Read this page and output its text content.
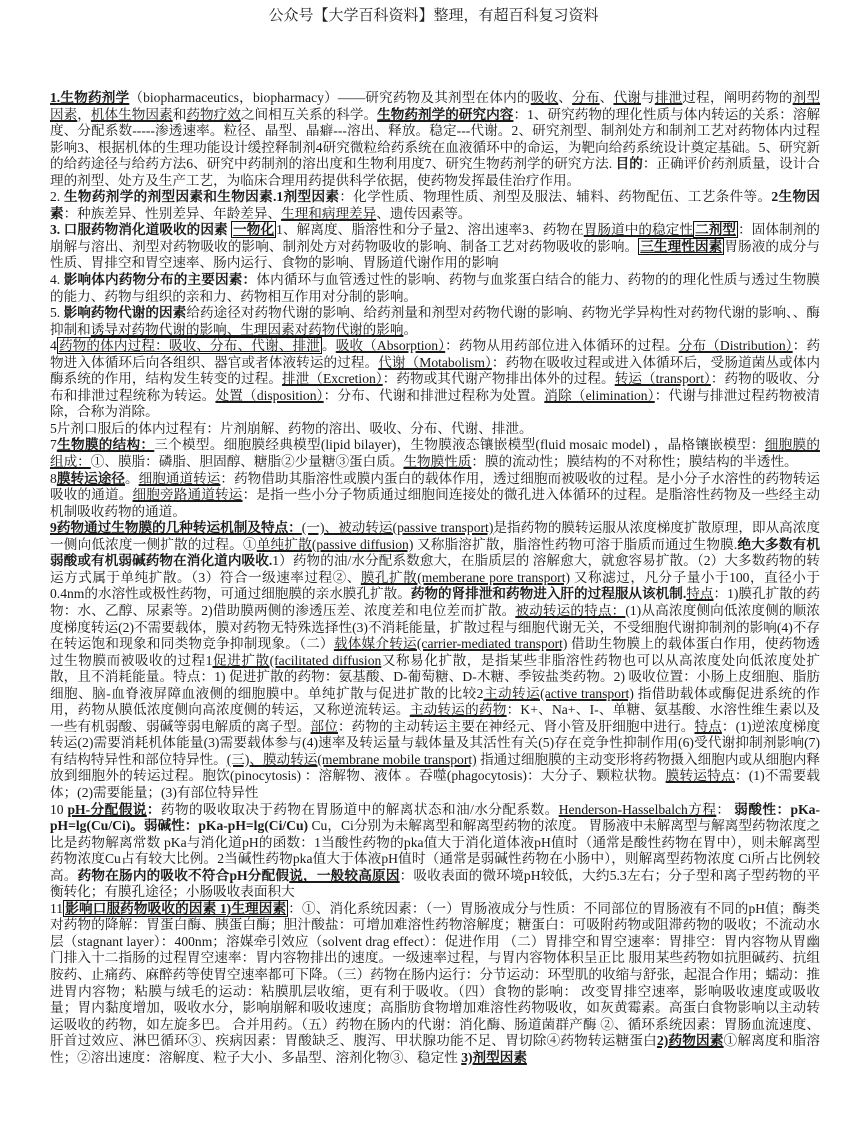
公众号【大学百科资料】整理，有超百科复习资料

1.生物药剂学（biopharmaceutics，biopharmacy）——研究药物及其剂型在体内的吸收、分布、代谢与排泄过程，阐明药物的剂型因素，机体生物因素和药物疗效之间相互关系的科学。生物药剂学的研究内容：1、研究药物的理化性质与体内转运的关系：溶解度、分配系数-----渗透速率。粒径、晶型、晶癖---溶出、释放。稳定---代谢。2、研究剂型、制剂处方和制剂工艺对药物体内过程影响3、根据机体的生理功能设计缓控释制剂4研究微粒给药系统在血液循环中的命运，为靶向给药系统设计奠定基础。5、研究新的给药途径与给药方法6、研究中药制剂的溶出度和生物利用度7、研究生物药剂学的研究方法. 目的：正确评价药剂质量，设计合理的剂型、处方及生产工艺，为临床合理用药提供科学依据，使药物发挥最佳治疗作用。

2. 生物药剂学的剂型因素和生物因素.1剂型因素：化学性质、物理性质、剂型及服法、辅料、药物配伍、工艺条件等。2生物因素：种族差异、性别差异、年龄差异、生理和病理差异、遗传因素等。

3. 口服药物消化道吸收的因素 一物化 1、解离度、脂溶性和分子量2、溶出速率3、药物在胃肠道中的稳定性 二剂型 ：固体制剂的崩解与溶出、剂型对药物吸收的影响、制剂处方对药物吸收的影响、制备工艺对药物吸收的影响。 三生理性因素 胃肠液的成分与性质、胃排空和胃空速率、肠内运行、食物的影响、胃肠道代谢作用的影响

4. 影响体内药物分布的主要因素：体内循环与血管透过性的影响、药物与血浆蛋白结合的能力、药物的的理化性质与透过生物膜的能力、药物与组织的亲和力、药物相互作用对分制的影响。

5. 影响药物代谢的因素给药途径对药物代谢的影响、给药剂量和剂型对药物代谢的影响、药物光学异构性对药物代谢的影响、、酶抑制和诱导对药物代谢的影响、生理因素对药物代谢的影响。

4 药物的体内过程：吸收、分布、代谢、排泄 。吸收（Absorption）：药物从用药部位进入体循环的过程。分布（Distribution）：药物进入体循环后向各组织、器官或者体液转运的过程。代谢（Motabolism）：药物在吸收过程或进入体循环后，受肠道菌丛或体内酶系统的作用，结构发生转变的过程。排泄（Excretion）：药物或其代谢产物排出体外的过程。转运（transport）：药物的吸收、分布和排泄过程统称为转运。处置（disposition）：分布、代谢和排泄过程称为处置。消除（elimination）：代谢与排泄过程药物被清除，合称为消除。

5片剂口服后的体内过程有：片剂崩解、药物的溶出、吸收、分布、代谢、排泄。

7生物膜的结构：三个模型。细胞膜经典模型(lipid bilayer)，生物膜液态镶嵌模型(fluid mosaic model) ，晶格镶嵌模型：细胞膜的组成：①、膜脂：磷脂、胆固醇、糖脂②少量糖③蛋白质。生物膜性质：膜的流动性；膜结构的不对称性；膜结构的半透性。

8膜转运途径。细胞通道转运：药物借助其脂溶性或膜内蛋白的载体作用，透过细胞而被吸收的过程。是小分子水溶性的药物转运吸收的通道。细胞旁路通道转运：是指一些小分子物质通过细胞间连接处的微孔进入体循环的过程。是脂溶性药物及一些经主动机制吸收药物的通道。

9药物通过生物膜的几种转运机制及特点：(一)、被动转运(passive transport)是指药物的膜转运服从浓度梯度扩散原理，即从高浓度一侧向低浓度一侧扩散的过程。①单纯扩散(passive diffusion) 又称脂溶扩散，脂溶性药物可溶于脂质而通过生物膜.绝大多数有机弱酸或有机弱碱药物在消化道内吸收.1）药物的油/水分配系数愈大，在脂质层的 溶解愈大，就愈容易扩散。（2）大多数药物的转运方式属于单纯扩散。（3）符合一级速率过程②、膜孔扩散(memberane pore transport) 又称滤过，凡分子量小于100，直径小于0.4nm的水溶性或极性药物，可通过细胞膜的亲水膜孔扩散。药物的肾排泄和药物进入肝的过程服从该机制.特点：1)膜孔扩散的药物：水、乙醇、尿素等。2)借助膜两侧的渗透压差、浓度差和电位差而扩散。被动转运的特点：(1)从高浓度侧向低浓度侧的顺浓度梯度转运(2)不需要载体，膜对药物无特殊选择性(3)不消耗能量，扩散过程与细胞代谢无关，不受细胞代谢抑制剂的影响(4)不存在转运饱和现象和同类物竞争抑制现象。（二）载体媒介转运(carrier-mediated transport) 借助生物膜上的载体蛋白作用，使药物透过生物膜而被吸收的过程1促进扩散(facilitated diffusion又称易化扩散，是指某些非脂溶性药物也可以从高浓度处向低浓度处扩散，且不消耗能量。特点：1) 促进扩散的药物：氨基酸、D-葡萄糖、D-木糖、季铵盐类药物。2) 吸收位置：小肠上皮细胞、脂肪细胞、脑-血脊液屏障血液侧的细胞膜中。单纯扩散与促进扩散的比较2主动转运(active transport) 指借助载体或酶促进系统的作用，药物从膜低浓度侧向高浓度侧的转运，又称逆流转运。主动转运的药物：K+、Na+、I-、单糖、氨基酸、水溶性维生素以及一些有机弱酸、弱碱等弱电解质的离子型。部位：药物的主动转运主要在神经元、肾小管及肝细胞中进行。特点：(1)逆浓度梯度转运(2)需要消耗机体能量(3)需要载体参与(4)速率及转运量与载体量及其活性有关(5)存在竞争性抑制作用(6)受代谢抑制剂影响(7)有结构特异性和部位特异性。(三)、膜动转运(membrane mobile transport) 指通过细胞膜的主动变形将药物摄入细胞内或从细胞内释放到细胞外的转运过程。胞饮(pinocytosis) ：溶解物、液体 。吞噬(phagocytosis)：大分子、颗粒状物。膜转运特点：(1)不需要载体；(2)需要能量；(3)有部位特异性

10 pH-分配假说：药物的吸收取决于药物在胃肠道中的解离状态和油/水分配系数。Henderson-Hasselbalch方程： 弱酸性：pKa-pH=lg(Cu/Ci)。弱碱性：pKa-pH=lg(Ci/Cu) Cu，Ci分别为未解离型和解离型药物的浓度。 胃肠液中未解离型与解离型药物浓度之比是药物解离常数 pKa与消化道pH的函数：1当酸性药物的pka值大于消化道体液pH值时（通常是酸性药物在胃中），则未解离型药物浓度Cu占有较大比例。2当碱性药物pka值大于体液pH值时（通常是弱碱性药物在小肠中），则解离型药物浓度 Ci所占比例较高。药物在肠内的吸收不符合pH分配假说，一般较高原因：吸收表面的微环境pH较低，大约5.3左右；分子型和离子型药物的平衡转化；有膜孔途径；小肠吸收表面积大

11 影响口服药物吸收的因素 1)生理因素 ：①、消化系统因素：（一）胃肠液成分与性质：不同部位的胃肠液有不同的pH值；酶类对药物的降解：胃蛋白酶、胰蛋白酶；胆汁酸盐：可增加难溶性药物溶解度；糖蛋白：可吸附药物或阻滞药物的吸收；不流动水层（stagnant layer）：400nm；溶媒牵引效应（solvent drag effect）：促进作用 （二）胃排空和胃空速率：胃排空：胃内容物从胃幽门排入十二指肠的过程胃空速率：胃内容物排出的速度。一级速率过程，与胃内容物体积呈正比 服用某些药物如抗胆碱药、抗组胺药、止痛药、麻醉药等使胃空速率都可下降。（三）药物在肠内运行：分节运动：环型肌的收缩与舒张，起混合作用；蠕动：推进胃内容物；粘膜与绒毛的运动：粘膜肌层收缩，更有利于吸收。（四）食物的影响： 改变胃排空速率，影响吸收速度或吸收量；胃内黏度增加，吸收水分，影响崩解和吸收速度；高脂肪食物增加难溶性药物吸收，如灰黄霉素。高蛋白食物影响以主动转运吸收的药物，如左旋多巴。 合并用药。（五）药物在肠内的代谢：消化酶、肠道菌群产酶 ②、循环系统因素：胃肠血流速度、肝首过效应、淋巴循环③、疾病因素：胃酸缺乏、腹泻、甲状腺功能不足、胃切除④药物转运糖蛋白2)药物因素①解离度和脂溶性；②溶出速度：溶解度、粒子大小、多晶型、溶剂化物③、稳定性 3)剂型因素
